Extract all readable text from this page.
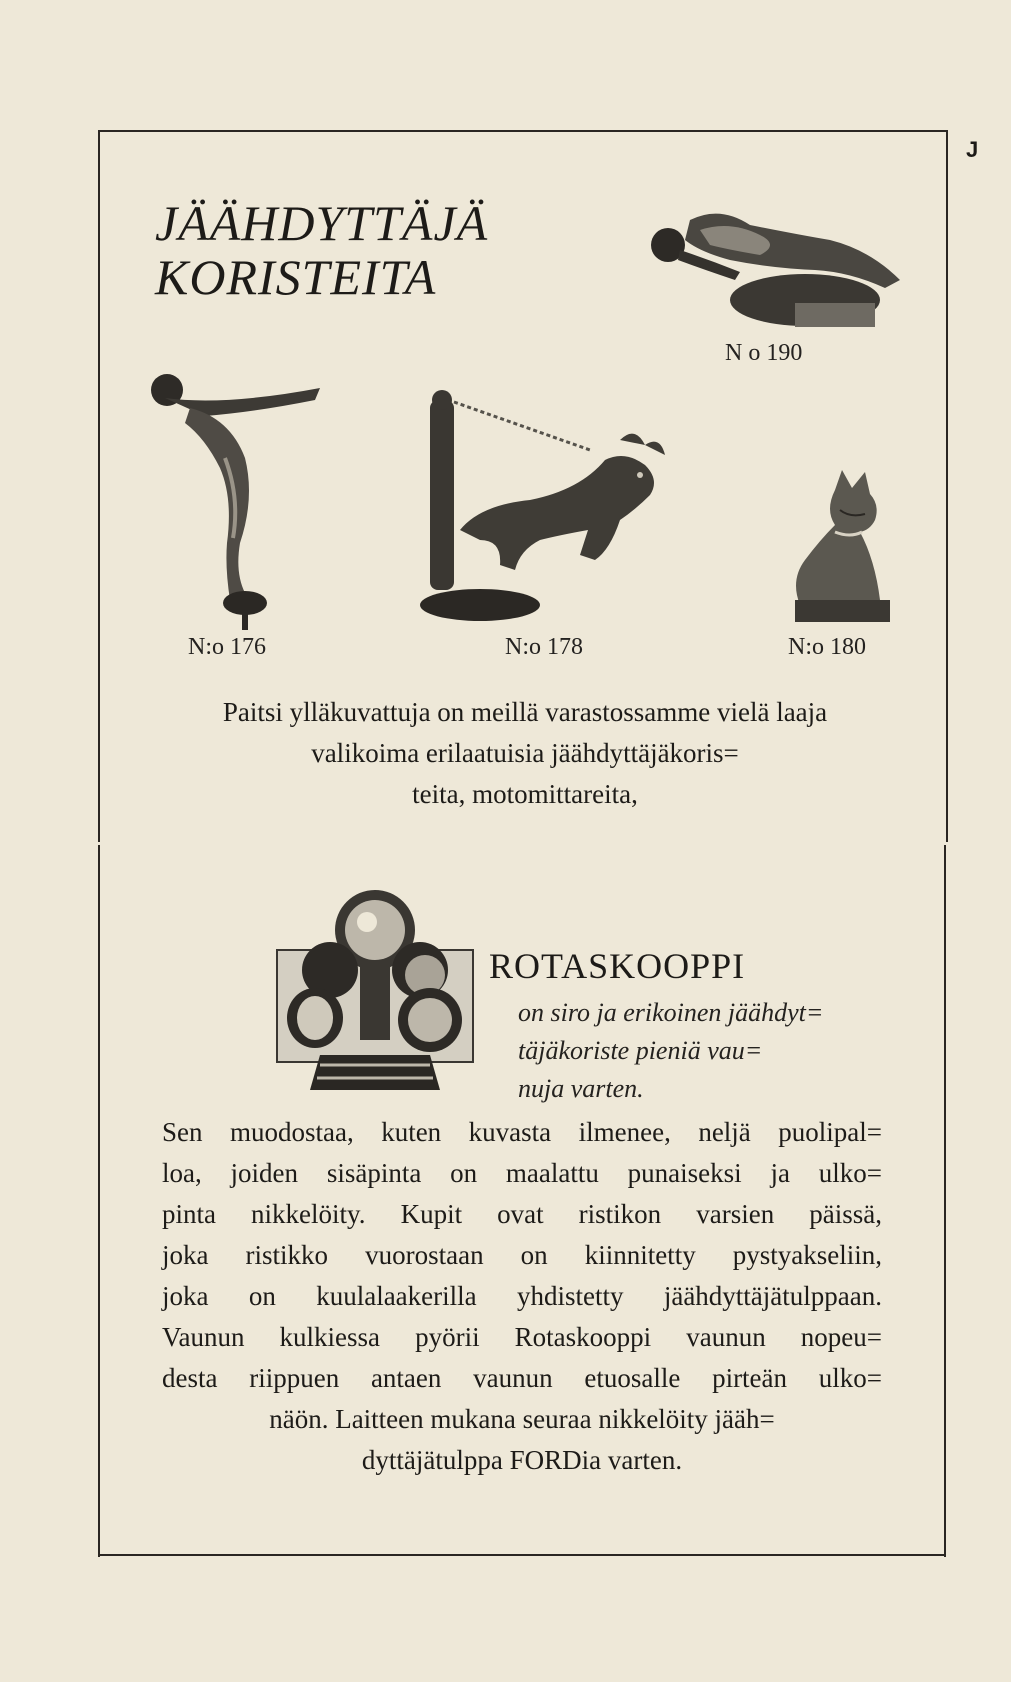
J
JÄÄHDYTTÄJÄ
KORISTEITA
N o 190
N:o 176	N:o 178	N:o 180
Paitsi ylläkuvattuja on meillä varastossamme vielä laaja
valikoima erilaatuisia jäähdyttäjäkoris=
teita, motomittareita,
ROTASKOOPPI
on siro ja erikoinen jäähdyt=
täjäkoriste pieniä vau=
nuja varten.
Sen muodostaa, kuten kuvasta ilmenee, neljä puolipal=
loa, joiden sisäpinta on maalattu punaiseksi ja ulko=
pinta nikkelöity. Kupit ovat ristikon varsien päissä,
joka ristikko vuorostaan on kiinnitetty pystyakseliin,
joka on kuulalaakerilla yhdistetty jäähdyttäjätulppaan.
Vaunun kulkiessa pyörii Rotaskooppi vaunun nopeu=
desta riippuen antaen vaunun etuosalle pirteän ulko=
näön. Laitteen mukana seuraa nikkelöity jääh=
dyttäjätulppa FORDia varten.
